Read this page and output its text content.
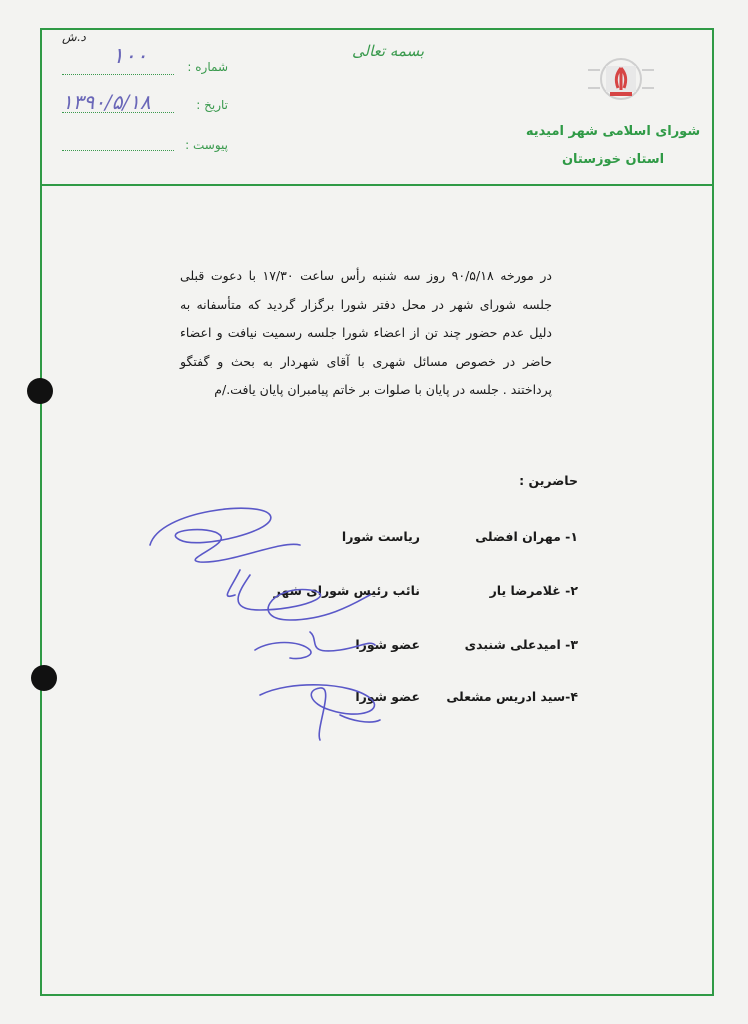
د.ش
شماره :
تاریخ :
پیوست :
۱۰۰
۱۳۹۰/۵/۱۸
بسمه تعالی
شورای اسلامی شهر امیدیه
استان خوزستان
در مورخه ۹۰/۵/۱۸ روز سه شنبه رأس ساعت ۱۷/۳۰ با دعوت قبلی جلسه شورای شهر در محل دفتر شورا برگزار گردید که متأسفانه به دلیل عدم حضور چند تن از اعضاء شورا جلسه رسمیت نیافت و اعضاء حاضر در خصوص مسائل شهری با آقای شهردار به بحث و گفتگو پرداختند . جلسه در پایان با صلوات بر خاتم پیامبران پایان یافت./م
حاضرین :
۱- مهران افضلی
ریاست شورا
۲- غلامرضا یار
نائب رئیس شورای شهر
۳- امیدعلی شنبدی
عضو شورا
۴-سید ادریس مشعلی
عضو شورا
